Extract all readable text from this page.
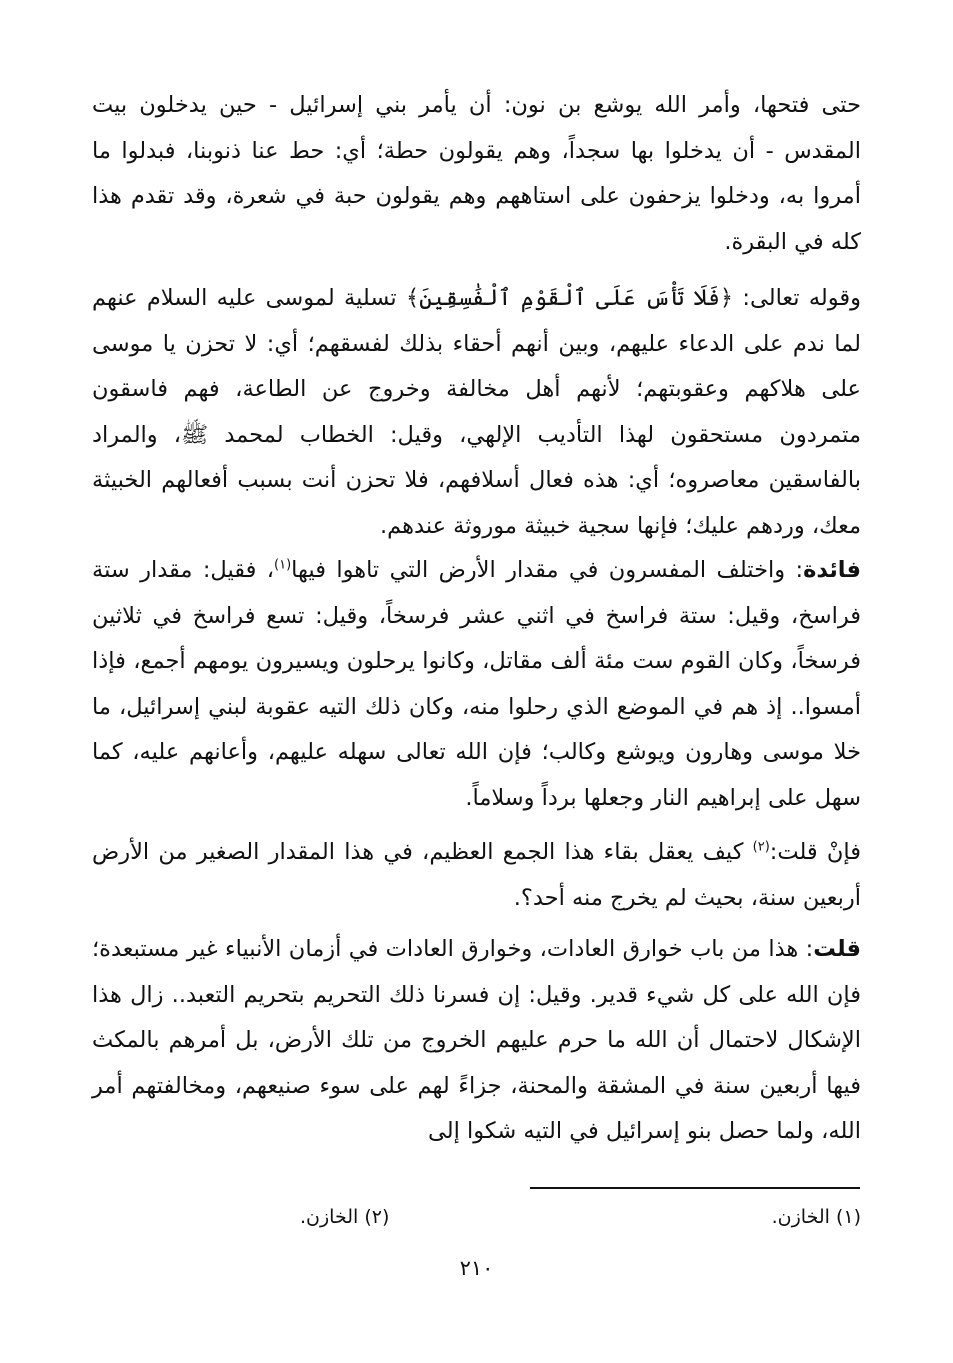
حتى فتحها، وأمر الله يوشع بن نون: أن يأمر بني إسرائيل - حين يدخلون بيت المقدس - أن يدخلوا بها سجداً، وهم يقولون حطة؛ أي: حط عنا ذنوبنا، فبدلوا ما أمروا به، ودخلوا يزحفون على استاههم وهم يقولون حبة في شعرة، وقد تقدم هذا كله في البقرة.

وقوله تعالى: ﴿فَلَا تَأْسَ عَلَى ٱلْقَوْمِ ٱلْفَٰسِقِينَ﴾ تسلية لموسى عليه السلام عنهم لما ندم على الدعاء عليهم، وبين أنهم أحقاء بذلك لفسقهم؛ أي: لا تحزن يا موسى على هلاكهم وعقوبتهم؛ لأنهم أهل مخالفة وخروج عن الطاعة، فهم فاسقون متمردون مستحقون لهذا التأديب الإلهي، وقيل: الخطاب لمحمد ﷺ، والمراد بالفاسقين معاصروه؛ أي: هذه فعال أسلافهم، فلا تحزن أنت بسبب أفعالهم الخبيثة معك، وردهم عليك؛ فإنها سجية خبيثة موروثة عندهم.

فائدة: واختلف المفسرون في مقدار الأرض التي تاهوا فيها$^{(١)}$، فقيل: مقدار ستة فراسخ، وقيل: ستة فراسخ في اثني عشر فرسخاً، وقيل: تسع فراسخ في ثلاثين فرسخاً، وكان القوم ست مئة ألف مقاتل، وكانوا يرحلون ويسيرون يومهم أجمع، فإذا أمسوا.. إذ هم في الموضع الذي رحلوا منه، وكان ذلك التيه عقوبة لبني إسرائيل، ما خلا موسى وهارون ويوشع وكالب؛ فإن الله تعالى سهله عليهم، وأعانهم عليه، كما سهل على إبراهيم النار وجعلها برداً وسلاماً.

فإنْ قلت:$^{(٢)}$ كيف يعقل بقاء هذا الجمع العظيم، في هذا المقدار الصغير من الأرض أربعين سنة، بحيث لم يخرج منه أحد؟.

قلت: هذا من باب خوارق العادات، وخوارق العادات في أزمان الأنبياء غير مستبعدة؛ فإن الله على كل شيء قدير. وقيل: إن فسرنا ذلك التحريم بتحريم التعبد.. زال هذا الإشكال لاحتمال أن الله ما حرم عليهم الخروج من تلك الأرض، بل أمرهم بالمكث فيها أربعين سنة في المشقة والمحنة، جزاءً لهم على سوء صنيعهم، ومخالفتهم أمر الله، ولما حصل بنو إسرائيل في التيه شكوا إلى

(١) الخازن.
(٢) الخازن.
٢١٠
